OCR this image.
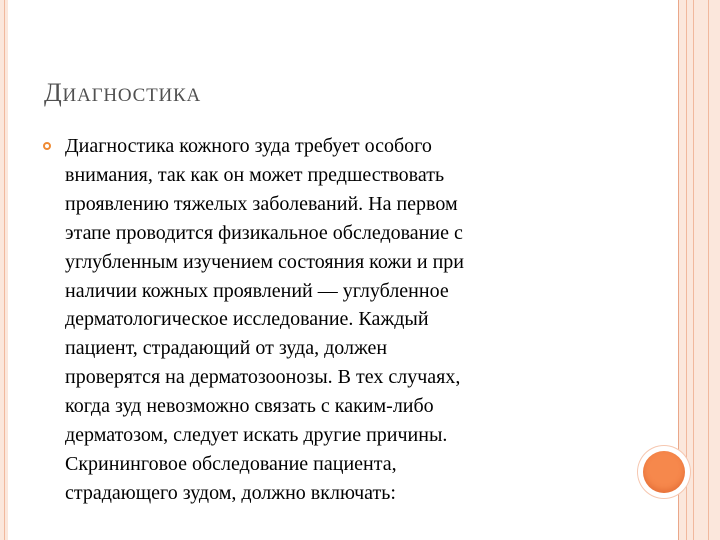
ДИАГНОСТИКА

Диагностика кожного зуда требует особого
внимания, так как он может предшествовать
проявлению тяжелых заболеваний. На первом
этапе проводится физикальное обследование с
углубленным изучением состояния кожи и при
наличии кожных проявлений — углубленное
дерматологическое исследование. Каждый
пациент, страдающий от зуда, должен
проверятся на дерматозоонозы. В тех случаях,
когда зуд невозможно связать с каким-либо
дерматозом, следует искать другие причины.
Скрининговое обследование пациента,
страдающего зудом, должно включать:
